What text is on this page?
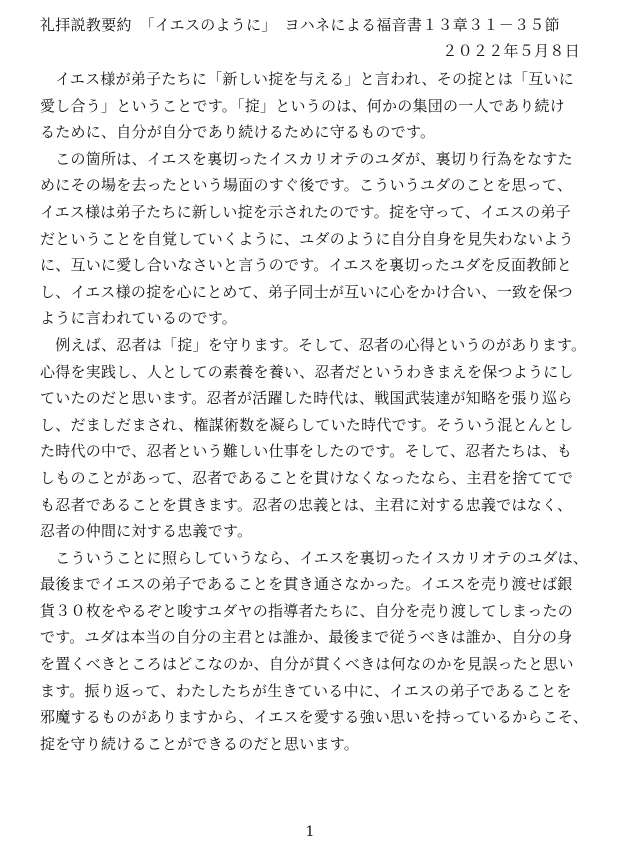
礼拝説教要約　「イエスのように」　ヨハネによる福音書１３章３１－３５節
２０２２年５月８日
　イエス様が弟子たちに「新しい掟を与える」と言われ、その掟とは「互いに
愛し合う」ということです。「掟」というのは、何かの集団の一人であり続け
るために、自分が自分であり続けるために守るものです。
　この箇所は、イエスを裏切ったイスカリオテのユダが、裏切り行為をなすた
めにその場を去ったという場面のすぐ後です。こういうユダのことを思って、
イエス様は弟子たちに新しい掟を示されたのです。掟を守って、イエスの弟子
だということを自覚していくように、ユダのように自分自身を見失わないよう
に、互いに愛し合いなさいと言うのです。イエスを裏切ったユダを反面教師と
し、イエス様の掟を心にとめて、弟子同士が互いに心をかけ合い、一致を保つ
ように言われているのです。
　例えば、忍者は「掟」を守ります。そして、忍者の心得というのがあります。
心得を実践し、人としての素養を養い、忍者だというわきまえを保つようにし
ていたのだと思います。忍者が活躍した時代は、戦国武装達が知略を張り巡ら
し、だましだまされ、権謀術数を凝らしていた時代です。そういう混とんとし
た時代の中で、忍者という難しい仕事をしたのです。そして、忍者たちは、も
しものことがあって、忍者であることを貫けなくなったなら、主君を捨ててで
も忍者であることを貫きます。忍者の忠義とは、主君に対する忠義ではなく、
忍者の仲間に対する忠義です。
　こういうことに照らしていうなら、イエスを裏切ったイスカリオテのユダは、
最後までイエスの弟子であることを貫き通さなかった。イエスを売り渡せば銀
貨３０枚をやるぞと唆すユダヤの指導者たちに、自分を売り渡してしまったの
です。ユダは本当の自分の主君とは誰か、最後まで従うべきは誰か、自分の身
を置くべきところはどこなのか、自分が貫くべきは何なのかを見誤ったと思い
ます。振り返って、わたしたちが生きている中に、イエスの弟子であることを
邪魔するものがありますから、イエスを愛する強い思いを持っているからこそ、
掟を守り続けることができるのだと思います。
1
